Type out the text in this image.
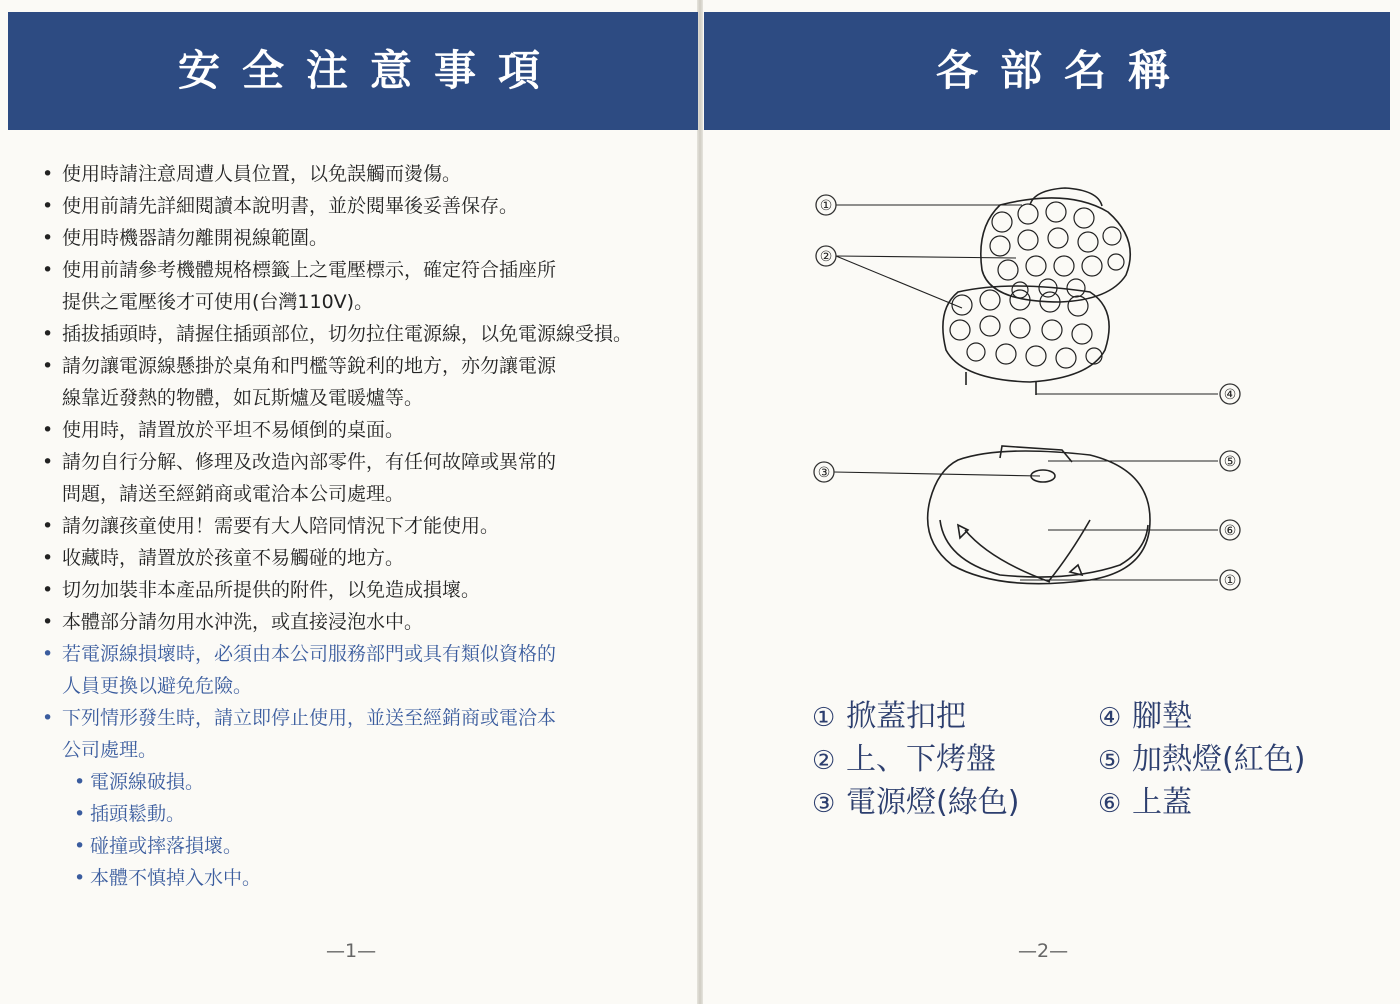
安全注意事項	各部名稱
• 使用時請注意周遭人員位置，以免誤觸而燙傷。
• 使用前請先詳細閱讀本說明書，並於閱畢後妥善保存。
• 使用時機器請勿離開視線範圍。
• 使用前請參考機體規格標籤上之電壓標示，確定符合插座所
提供之電壓後才可使用(台灣110V)。
• 插拔插頭時，請握住插頭部位，切勿拉住電源線，以免電源線受損。
• 請勿讓電源線懸掛於桌角和門檻等銳利的地方，亦勿讓電源
線靠近發熱的物體，如瓦斯爐及電暖爐等。
• 使用時，請置放於平坦不易傾倒的桌面。
• 請勿自行分解、修理及改造內部零件，有任何故障或異常的
問題，請送至經銷商或電洽本公司處理。
• 請勿讓孩童使用！需要有大人陪同情況下才能使用。
• 收藏時，請置放於孩童不易觸碰的地方。
• 切勿加裝非本產品所提供的附件，以免造成損壞。
• 本體部分請勿用水沖洗，或直接浸泡水中。
• 若電源線損壞時，必須由本公司服務部門或具有類似資格的
人員更換以避免危險。
• 下列情形發生時，請立即停止使用，並送至經銷商或電洽本
公司處理。
• 電源線破損。
• 插頭鬆動。
• 碰撞或摔落損壞。
• 本體不慎掉入水中。
—1—	—2—
①
②
④
③
⑤
⑥
①
① 掀蓋扣把
② 上、下烤盤
③ 電源燈(綠色)
④ 腳墊
⑤ 加熱燈(紅色)
⑥ 上蓋
